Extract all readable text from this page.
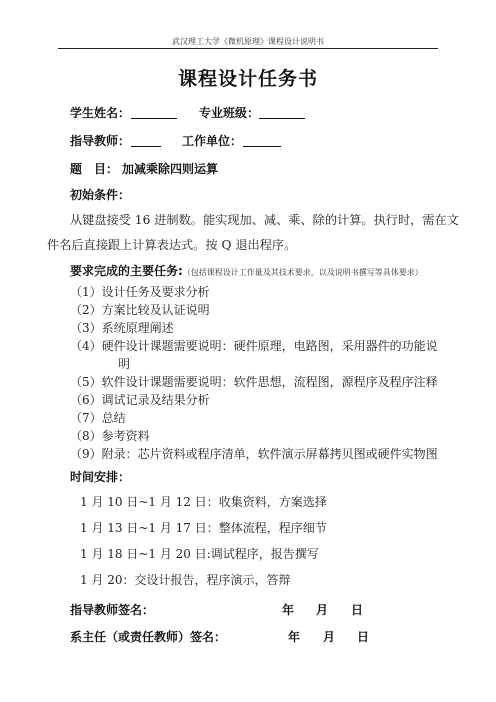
武汉理工大学《微机原理》课程设计说明书
课程设计任务书
学生姓名：	专业班级：
指导教师：	工作单位：
题　目： 加减乘除四则运算
初始条件：
从键盘接受 16 进制数。能实现加、减、乘、除的计算。执行时，需在文
件名后直接跟上计算表达式。按 Q 退出程序。
要求完成的主要任务:（包括课程设计工作量及其技术要求，以及说明书撰写等具体要求）
（1）设计任务及要求分析
（2）方案比较及认证说明
（3）系统原理阐述
（4）硬件设计课题需要说明：硬件原理，电路图，采用器件的功能说
明
（5）软件设计课题需要说明：软件思想，流程图，源程序及程序注释
（6）调试记录及结果分析
（7）总结
（8）参考资料
（9）附录：芯片资料或程序清单，软件演示屏幕拷贝图或硬件实物图
时间安排：
1 月 10 日~1 月 12 日：收集资料，方案选择
1 月 13 日~1 月 17 日：整体流程，程序细节
1 月 18 日~1 月 20 日:调试程序，报告撰写
1 月 20：交设计报告，程序演示，答辩
指导教师签名：	年 月 日
系主任（或责任教师）签名：	年 月 日
